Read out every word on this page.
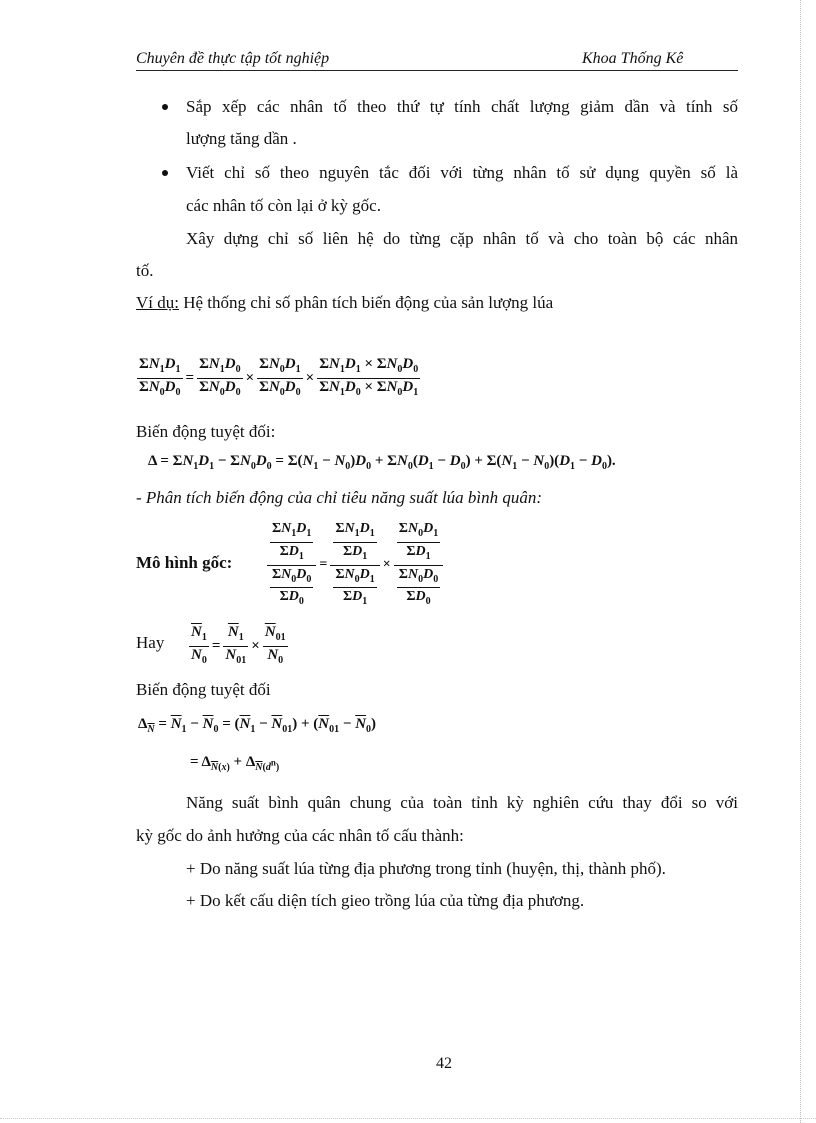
Chuyên đề thực tập tốt nghiệp	Khoa Thống Kê
Sắp xếp các nhân tố theo thứ tự tính chất lượng giảm dần và tính số
lượng tăng dần .
Viết chỉ số theo nguyên tắc đối với từng nhân tố sử dụng quyền số là
các nhân tố còn lại ở kỳ gốc.
Xây dựng chỉ số liên hệ do từng cặp nhân tố và cho toàn bộ các nhân
tố.
Ví dụ: Hệ thống chỉ số phân tích biến động của sản lượng lúa
$\frac{\Sigma N_1D_1}{\Sigma N_0D_0} = \frac{\Sigma N_1D_0}{\Sigma N_0D_0} \times \frac{\Sigma N_0D_1}{\Sigma N_0D_0} \times \frac{\Sigma N_1D_1 \times \Sigma N_0D_0}{\Sigma N_1D_0 \times \Sigma N_0D_1}$
Biến động tuyệt đối:
$\Delta = \Sigma N_1D_1 - \Sigma N_0D_0 = \Sigma(N_1 - N_0)D_0 + \Sigma N_0(D_1 - D_0) + \Sigma(N_1 - N_0)(D_1 - D_0)$.
- Phân tích biến động của chỉ tiêu năng suất lúa bình quân:
Mô hình gốc: $\frac{\frac{\Sigma N_1D_1}{\Sigma D_1}}{\frac{\Sigma N_0D_0}{\Sigma D_0}} = \frac{\frac{\Sigma N_1D_1}{\Sigma D_1}}{\frac{\Sigma N_0D_1}{\Sigma D_1}} \times \frac{\frac{\Sigma N_0D_1}{\Sigma D_1}}{\frac{\Sigma N_0D_0}{\Sigma D_0}}$
Hay $\frac{\overline{N}_1}{\overline{N}_0} = \frac{\overline{N}_1}{\overline{N}_{01}} \times \frac{\overline{N}_{01}}{\overline{N}_0}$
Biến động tuyệt đối
$\Delta_{\overline{N}} = \overline{N}_1 - \overline{N}_0 = (\overline{N}_1 - \overline{N}_{01}) + (\overline{N}_{01} - \overline{N}_0)$
= $\Delta_{\overline{N}(x)} + \Delta_{\overline{N}(d^n)}$
Năng suất bình quân chung của toàn tỉnh kỳ nghiên cứu thay đổi so với
kỳ gốc do ảnh hưởng của các nhân tố cấu thành:
+ Do năng suất lúa từng địa phương trong tỉnh (huyện, thị, thành phố).
+ Do kết cấu diện tích gieo trồng lúa của từng địa phương.
42
